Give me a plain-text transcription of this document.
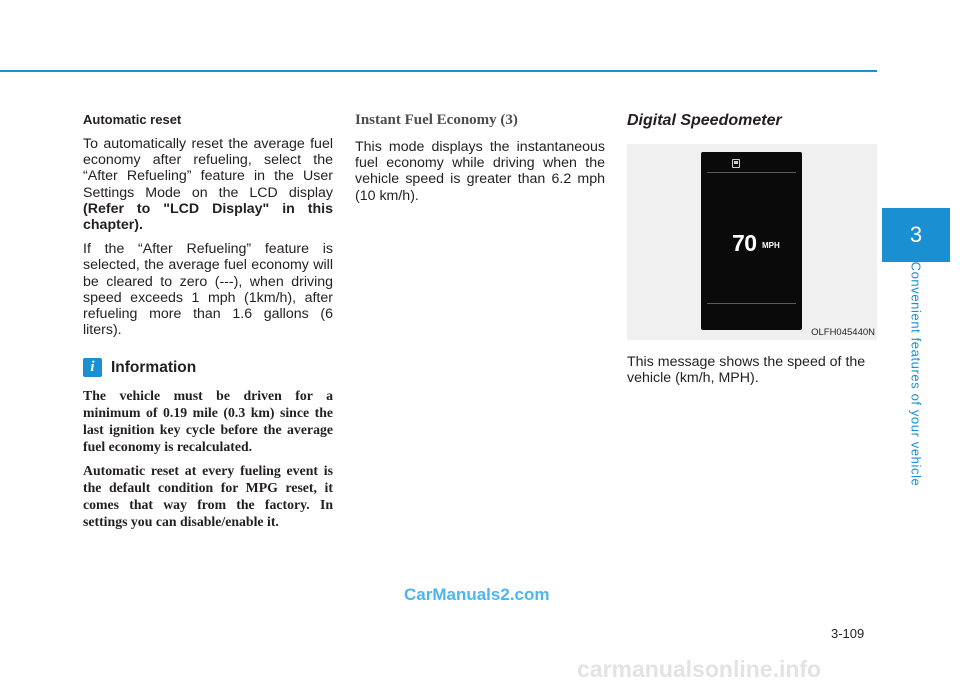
Automatic reset

To automatically reset the average fuel economy after refueling, select the “After Refueling” feature in the User Settings Mode on the LCD display (Refer to "LCD Display" in this chapter).

If the “After Refueling” feature is selected, the average fuel economy will be cleared to zero (---), when driving speed exceeds 1 mph (1km/h), after refueling more than 1.6 gallons (6 liters).

i	Information

The vehicle must be driven for a minimum of 0.19 mile (0.3 km) since the last ignition key cycle before the average fuel economy is recalculated.

Automatic reset at every fueling event is the default condition for MPG reset, it comes that way from the factory. In settings you can disable/enable it.

Instant Fuel Economy (3)

This mode displays the instantaneous fuel economy while driving when the vehicle speed is greater than 6.2 mph (10 km/h).

Digital Speedometer
70 MPH
OLFH045440N

This message shows the speed of the vehicle (km/h, MPH).

3
Convenient features of your vehicle
3-109
CarManuals2.com
carmanualsonline.info
